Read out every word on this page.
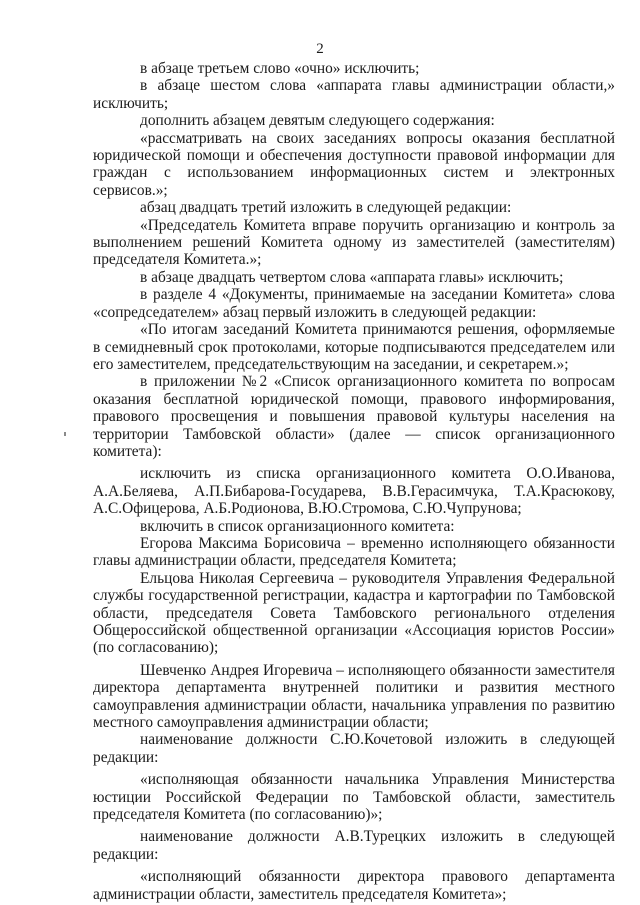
2

в абзаце третьем слово «очно» исключить;

в абзаце шестом слова «аппарата главы администрации области,» исключить;

дополнить абзацем девятым следующего содержания:

«рассматривать на своих заседаниях вопросы оказания бесплатной юридической помощи и обеспечения доступности правовой информации для граждан с использованием информационных систем и электронных сервисов.»;

абзац двадцать третий изложить в следующей редакции:

«Председатель Комитета вправе поручить организацию и контроль за выполнением решений Комитета одному из заместителей (заместителям) председателя Комитета.»;

в абзаце двадцать четвертом слова «аппарата главы» исключить;

в разделе 4 «Документы, принимаемые на заседании Комитета» слова «сопредседателем» абзац первый изложить в следующей редакции:

«По итогам заседаний Комитета принимаются решения, оформляемые в семидневный срок протоколами, которые подписываются председателем или его заместителем, председательствующим на заседании, и секретарем.»;

в приложении №2 «Список организационного комитета по вопросам оказания бесплатной юридической помощи, правового информирования, правового просвещения и повышения правовой культуры населения на территории Тамбовской области» (далее — список организационного комитета):

исключить из списка организационного комитета О.О.Иванова, А.А.Беляева, А.П.Бибарова-Государева, В.В.Герасимчука, Т.А.Красюкову, А.С.Офицерова, А.Б.Родионова, В.Ю.Стромова, С.Ю.Чупрунова;

включить в список организационного комитета:

Егорова Максима Борисовича – временно исполняющего обязанности главы администрации области, председателя Комитета;

Ельцова Николая Сергеевича – руководителя Управления Федеральной службы государственной регистрации, кадастра и картографии по Тамбовской области, председателя Совета Тамбовского регионального отделения Общероссийской общественной организации «Ассоциация юристов России» (по согласованию);

Шевченко Андрея Игоревича – исполняющего обязанности заместителя директора департамента внутренней политики и развития местного самоуправления администрации области, начальника управления по развитию местного самоуправления администрации области;

наименование должности С.Ю.Кочетовой изложить в следующей редакции:

«исполняющая обязанности начальника Управления Министерства юстиции Российской Федерации по Тамбовской области, заместитель председателя Комитета (по согласованию)»;

наименование должности А.В.Турецких изложить в следующей редакции:

«исполняющий обязанности директора правового департамента администрации области, заместитель председателя Комитета»;
